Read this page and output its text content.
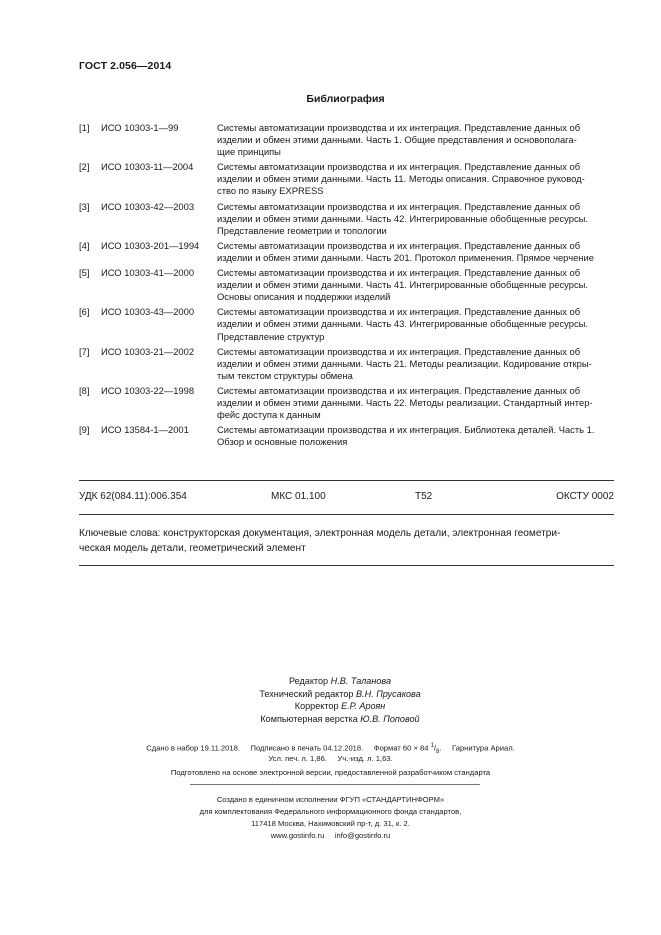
ГОСТ 2.056—2014
Библиография
[1]	ИСО 10303-1—99	Системы автоматизации производства и их интеграция. Представление данных об
изделии и обмен этими данными. Часть 1. Общие представления и основополага-
щие принципы
[2]	ИСО 10303-11—2004	Системы автоматизации производства и их интеграция. Представление данных об
изделии и обмен этими данными. Часть 11. Методы описания. Справочное руковод-
ство по языку EXPRESS
[3]	ИСО 10303-42—2003	Системы автоматизации производства и их интеграция. Представление данных об
изделии и обмен этими данными. Часть 42. Интегрированные обобщенные ресурсы.
Представление геометрии и топологии
[4]	ИСО 10303-201—1994	Системы автоматизации производства и их интеграция. Представление данных об
изделии и обмен этими данными. Часть 201. Протокол применения. Прямое черчение
[5]	ИСО 10303-41—2000	Системы автоматизации производства и их интеграция. Представление данных об
изделии и обмен этими данными. Часть 41. Интегрированные обобщенные ресурсы.
Основы описания и поддержки изделий
[6]	ИСО 10303-43—2000	Системы автоматизации производства и их интеграция. Представление данных об
изделии и обмен этими данными. Часть 43. Интегрированные обобщенные ресурсы.
Представление структур
[7]	ИСО 10303-21—2002	Системы автоматизации производства и их интеграция. Представление данных об
изделии и обмен этими данными. Часть 21. Методы реализации. Кодирование откры-
тым текстом структуры обмена
[8]	ИСО 10303-22—1998	Системы автоматизации производства и их интеграция. Представление данных об
изделии и обмен этими данными. Часть 22. Методы реализации. Стандартный интер-
фейс доступа к данным
[9]	ИСО 13584-1—2001	Системы автоматизации производства и их интеграция. Библиотека деталей. Часть 1.
Обзор и основные положения
УДК 62(084.11):006.354	МКС 01.100	Т52	ОКСТУ 0002
Ключевые слова: конструкторская документация, электронная модель детали, электронная геометри-
ческая модель детали, геометрический элемент
Редактор Н.В. Таланова
Технический редактор В.Н. Прусакова
Корректор Е.Р. Ароян
Компьютерная верстка Ю.В. Поповой
Сдано в набор 19.11.2018. Подписано в печать 04.12.2018. Формат 60 × 84 $^1/_8$.     Гарнитура Ариал.
Усл. печ. л. 1,86. Уч.-изд. л. 1,63.
Подготовлено на основе электронной версии, предоставленной разработчиком стандарта
Создано в единичном исполнении ФГУП «СТАНДАРТИНФОРМ»
для комплектования Федерального информационного фонда стандартов,
117418 Москва, Нахимовский пр-т, д. 31, к. 2.
www.gostinfo.ru info@gostinfo.ru
